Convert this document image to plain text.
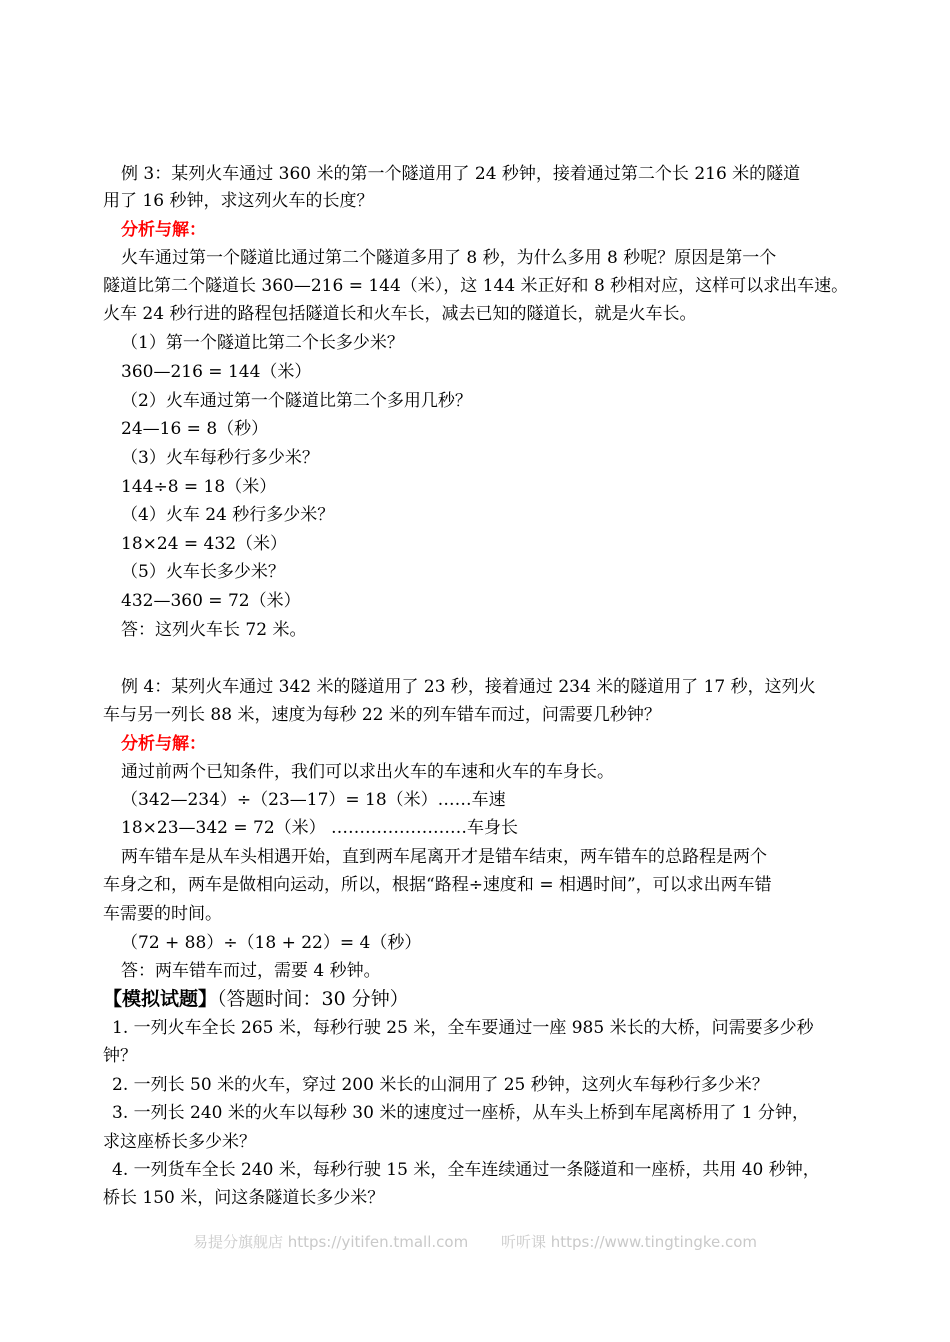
例 3：某列火车通过 360 米的第一个隧道用了 24 秒钟，接着通过第二个长 216 米的隧道
用了 16 秒钟，求这列火车的长度？
分析与解：
火车通过第一个隧道比通过第二个隧道多用了 8 秒，为什么多用 8 秒呢？原因是第一个
隧道比第二个隧道长 360—216 = 144（米），这 144 米正好和 8 秒相对应，这样可以求出车速。
火车 24 秒行进的路程包括隧道长和火车长，减去已知的隧道长，就是火车长。
（1）第一个隧道比第二个长多少米？
360—216 = 144（米）
（2）火车通过第一个隧道比第二个多用几秒？
24—16 = 8（秒）
（3）火车每秒行多少米？
144÷8 = 18（米）
（4）火车 24 秒行多少米？
18×24 = 432（米）
（5）火车长多少米？
432—360 = 72（米）
答：这列火车长 72 米。
例 4：某列火车通过 342 米的隧道用了 23 秒，接着通过 234 米的隧道用了 17 秒，这列火
车与另一列长 88 米，速度为每秒 22 米的列车错车而过，问需要几秒钟？
分析与解：
通过前两个已知条件，我们可以求出火车的车速和火车的车身长。
（342—234）÷（23—17）= 18（米）……车速
18×23—342 = 72（米） ……………………车身长
两车错车是从车头相遇开始，直到两车尾离开才是错车结束，两车错车的总路程是两个
车身之和，两车是做相向运动，所以，根据“路程÷速度和 = 相遇时间”，可以求出两车错
车需要的时间。
（72 + 88）÷（18 + 22）= 4（秒）
答：两车错车而过，需要 4 秒钟。
【模拟试题】（答题时间：30 分钟）
1. 一列火车全长 265 米，每秒行驶 25 米，全车要通过一座 985 米长的大桥，问需要多少秒
钟？
2. 一列长 50 米的火车，穿过 200 米长的山洞用了 25 秒钟，这列火车每秒行多少米？
3. 一列长 240 米的火车以每秒 30 米的速度过一座桥，从车头上桥到车尾离桥用了 1 分钟，
求这座桥长多少米？
4. 一列货车全长 240 米，每秒行驶 15 米，全车连续通过一条隧道和一座桥，共用 40 秒钟，
桥长 150 米，问这条隧道长多少米？
易提分旗舰店 https://yitifen.tmall.com 听听课 https://www.tingtingke.com
